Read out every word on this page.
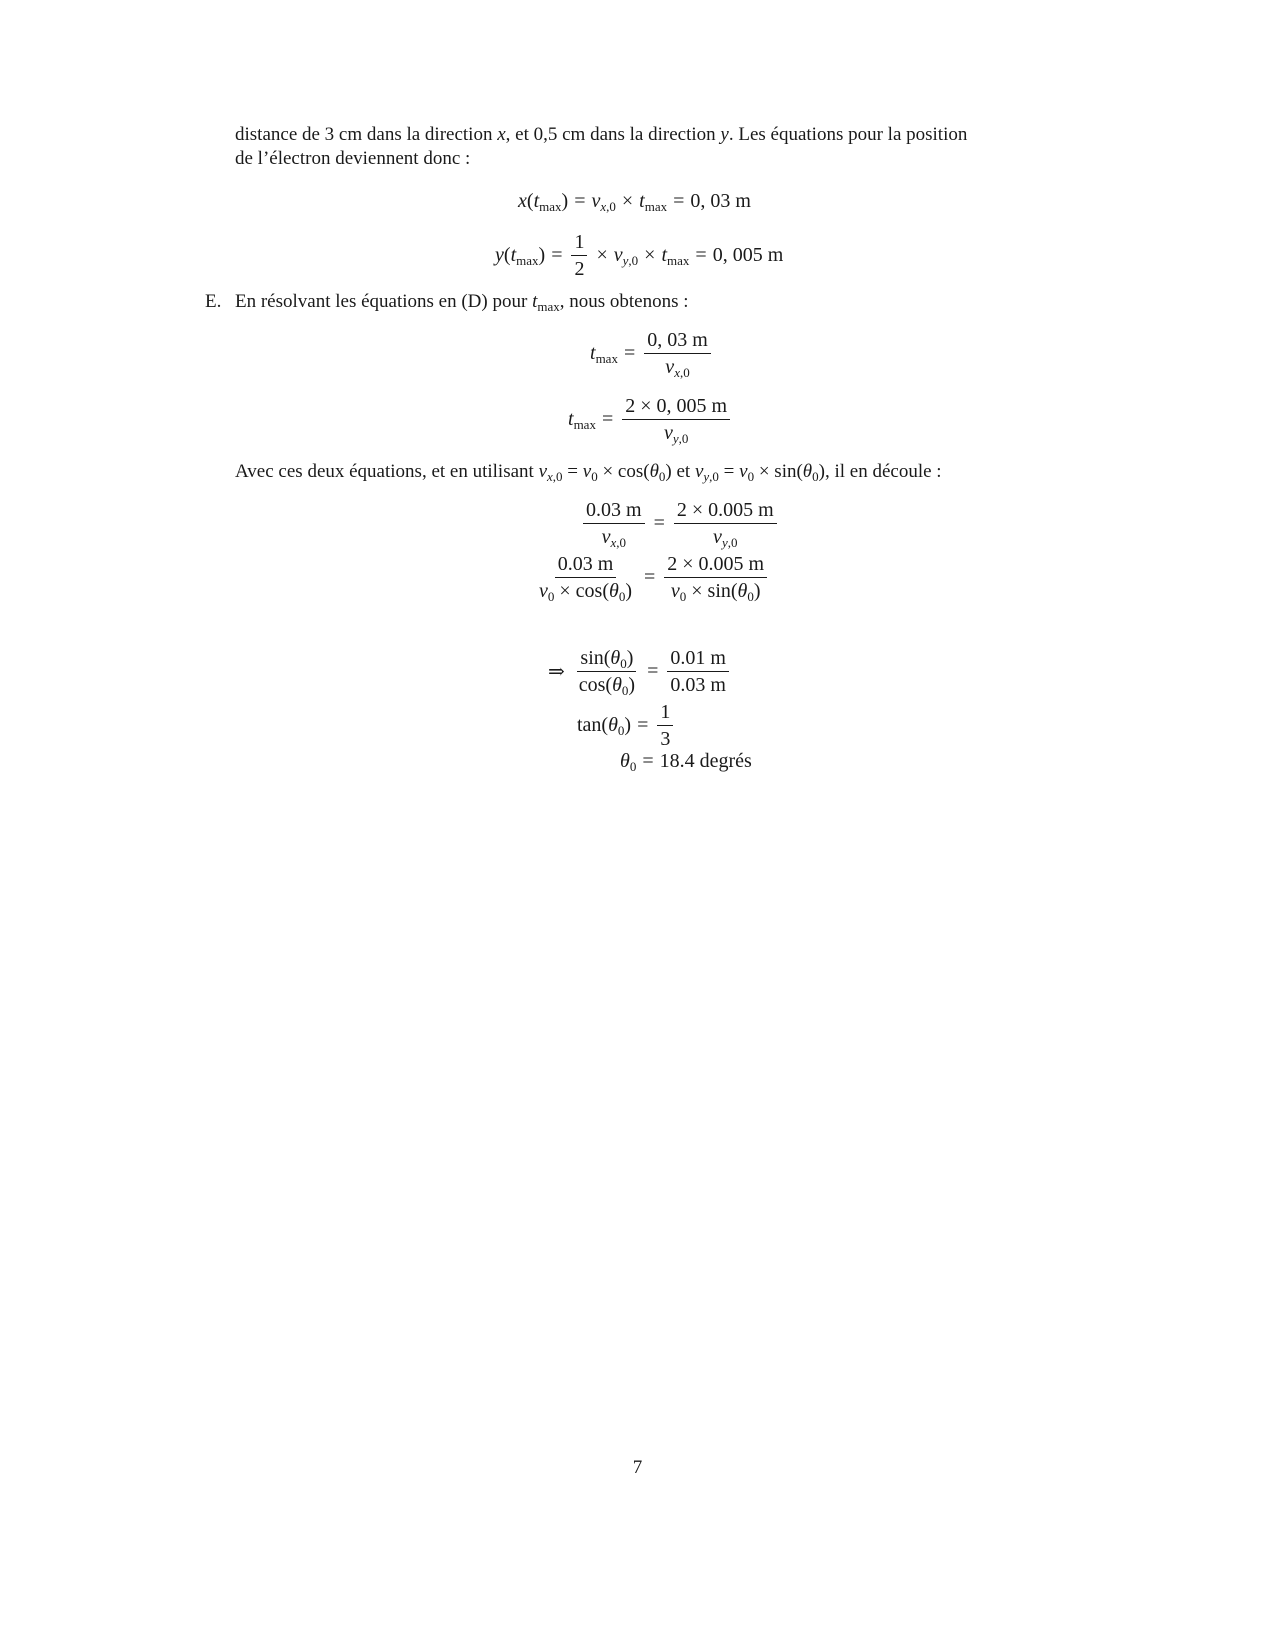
distance de 3 cm dans la direction x, et 0,5 cm dans la direction y. Les équations pour la position
de l’électron deviennent donc :
$x(t_{max}) = v_{x,0} \times t_{max} = 0$, 03 m
$y(t_{max}) = \frac{1}{2} \times v_{y,0} \times t_{max} = 0$, 005 m
E. En résolvant les équations en (D) pour $t_{max}$, nous obtenons :
$t_{max} = \frac{0, 03 m}{v_{x,0}}$
$t_{max} = \frac{2 \times 0, 005 m}{v_{y,0}}$
Avec ces deux équations, et en utilisant $v_{x,0} = v_0 \times \cos(\theta_0)$ et $v_{y,0} = v_0 \times \sin(\theta_0)$, il en découle :
$\frac{0.03 m}{v_{x,0}} = \frac{2 \times 0.005 m}{v_{y,0}}$
$\frac{0.03 m}{v_0 \times \cos(\theta_0)} = \frac{2 \times 0.005 m}{v_0 \times \sin(\theta_0)}$
⇒ $\frac{\sin(\theta_0)}{\cos(\theta_0)} = \frac{0.01 m}{0.03 m}$
$\tan(\theta_0) = \frac{1}{3}$
$\theta_0 = 18.4$ degrés
7
